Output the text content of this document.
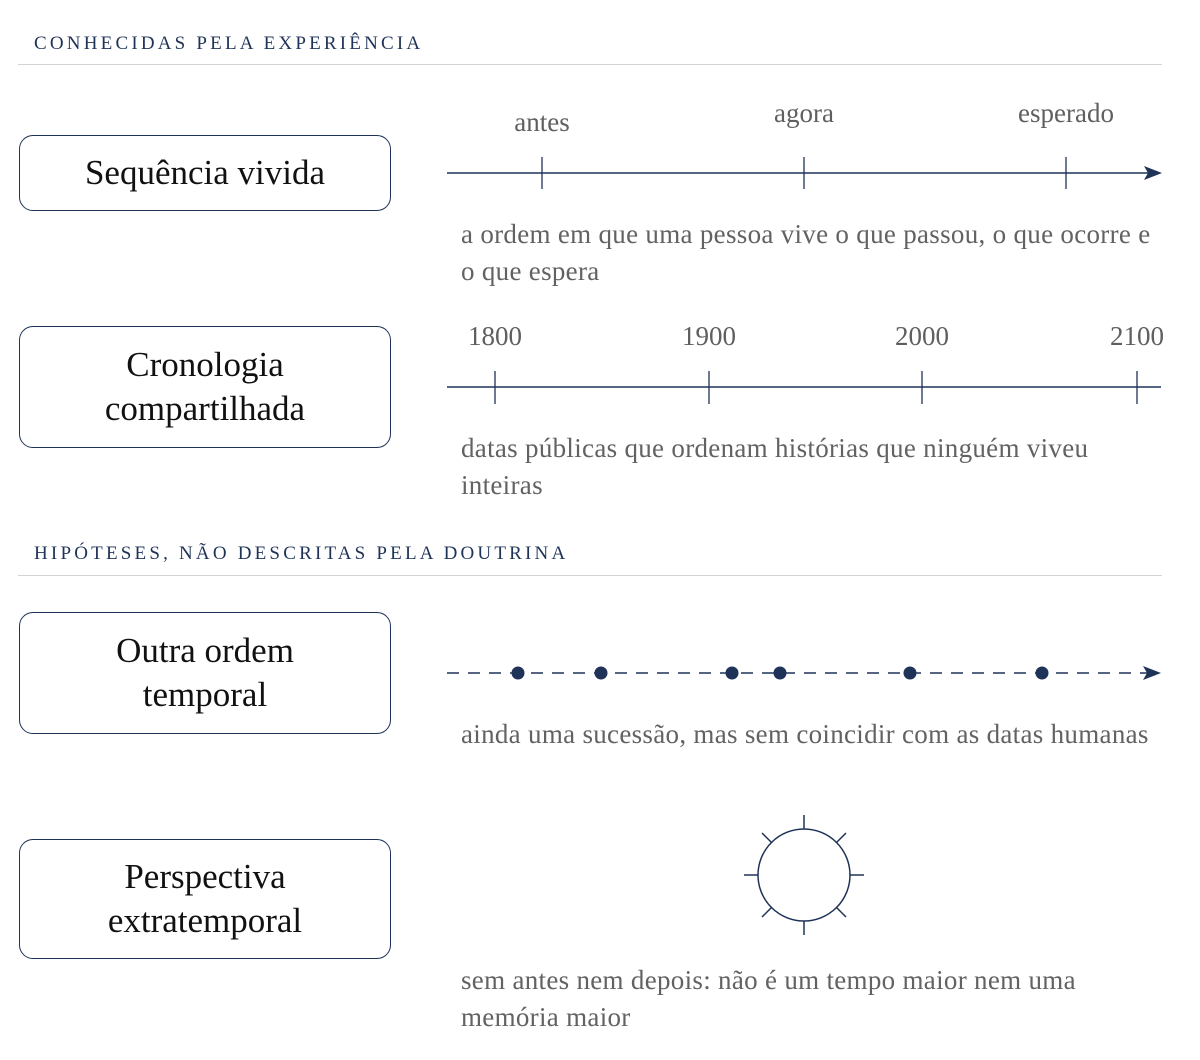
CONHECIDAS PELA EXPERIÊNCIA
Sequência vivida
antes	agora	esperado

a ordem em que uma pessoa vive o que passou, o que ocorre e o que espera

Cronologia compartilhada
1800	1900	2000	2100

datas públicas que ordenam histórias que ninguém viveu inteiras

HIPÓTESES, NÃO DESCRITAS PELA DOUTRINA
Outra ordem temporal

ainda uma sucessão, mas sem coincidir com as datas humanas

Perspectiva extratemporal

sem antes nem depois: não é um tempo maior nem uma memória maior
